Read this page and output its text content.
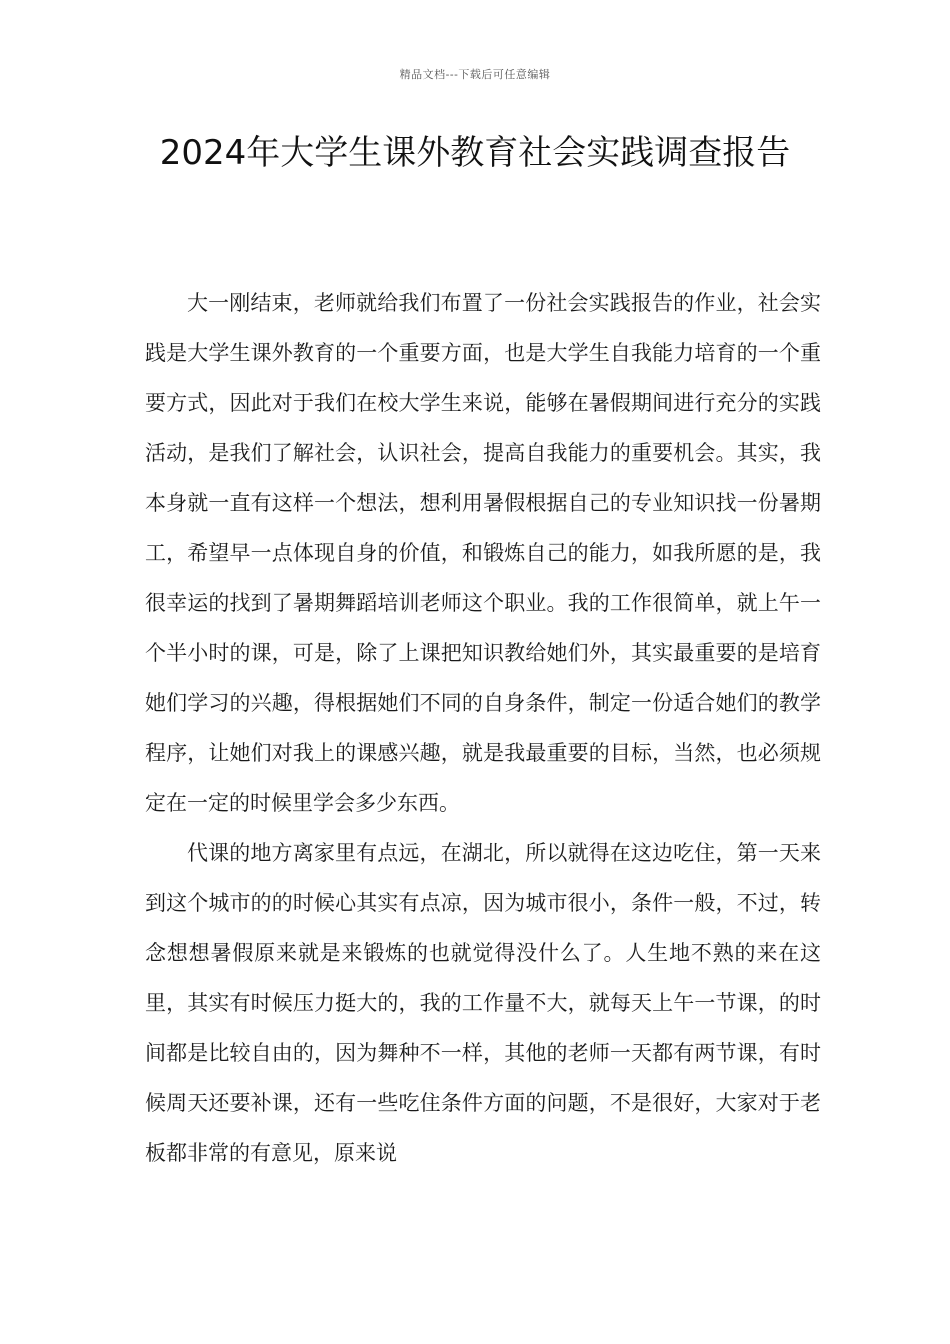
精品文档---下载后可任意编辑
2024年大学生课外教育社会实践调查报告

大一刚结束，老师就给我们布置了一份社会实践报告的作业，社会实践是大学生课外教育的一个重要方面，也是大学生自我能力培育的一个重要方式，因此对于我们在校大学生来说，能够在暑假期间进行充分的实践活动，是我们了解社会，认识社会，提高自我能力的重要机会。其实，我本身就一直有这样一个想法，想利用暑假根据自己的专业知识找一份暑期工，希望早一点体现自身的价值，和锻炼自己的能力，如我所愿的是，我很幸运的找到了暑期舞蹈培训老师这个职业。我的工作很简单，就上午一个半小时的课，可是，除了上课把知识教给她们外，其实最重要的是培育她们学习的兴趣，得根据她们不同的自身条件，制定一份适合她们的教学程序，让她们对我上的课感兴趣，就是我最重要的目标，当然，也必须规定在一定的时候里学会多少东西。

代课的地方离家里有点远，在湖北，所以就得在这边吃住，第一天来到这个城市的的时候心其实有点凉，因为城市很小，条件一般，不过，转念想想暑假原来就是来锻炼的也就觉得没什么了。人生地不熟的来在这里，其实有时候压力挺大的，我的工作量不大，就每天上午一节课，的时间都是比较自由的，因为舞种不一样，其他的老师一天都有两节课，有时候周天还要补课，还有一些吃住条件方面的问题，不是很好，大家对于老板都非常的有意见，原来说
